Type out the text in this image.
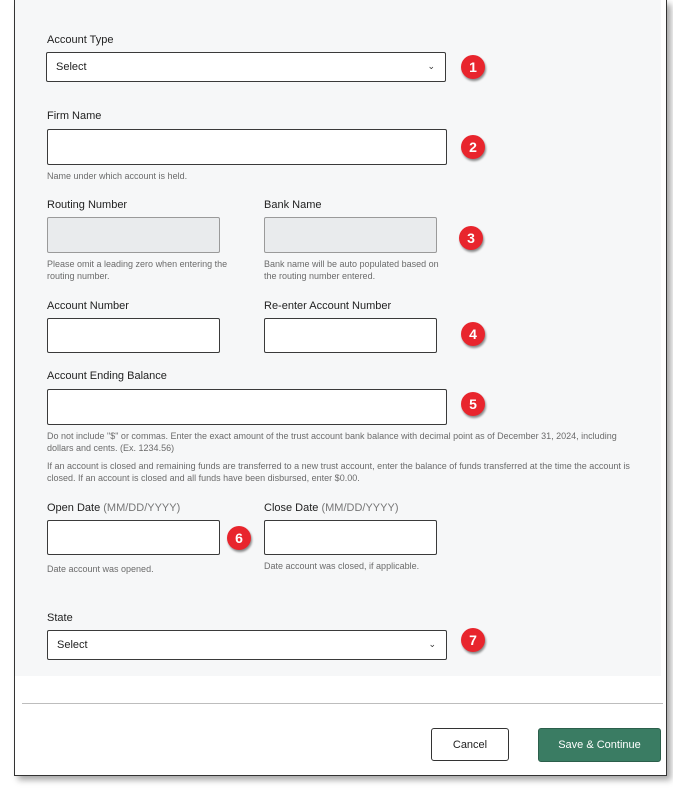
Account Type
Select	⌄	1
Firm Name
Name under which account is held.
2
Routing Number
Please omit a leading zero when entering the routing number.
Bank Name
Bank name will be auto populated based on the routing number entered.
3
Account Number	Re-enter Account Number
4
Account Ending Balance
Do not include "$" or commas. Enter the exact amount of the trust account bank balance with decimal point as of December 31, 2024, including dollars and cents. (Ex. 1234.56)
If an account is closed and remaining funds are transferred to a new trust account, enter the balance of funds transferred at the time the account is closed. If an account is closed and all funds have been disbursed, enter $0.00.
5
Open Date (MM/DD/YYYY)
Date account was opened.
6
Close Date (MM/DD/YYYY)
Date account was closed, if applicable.
State
Select	⌄	7
Cancel	Save & Continue
